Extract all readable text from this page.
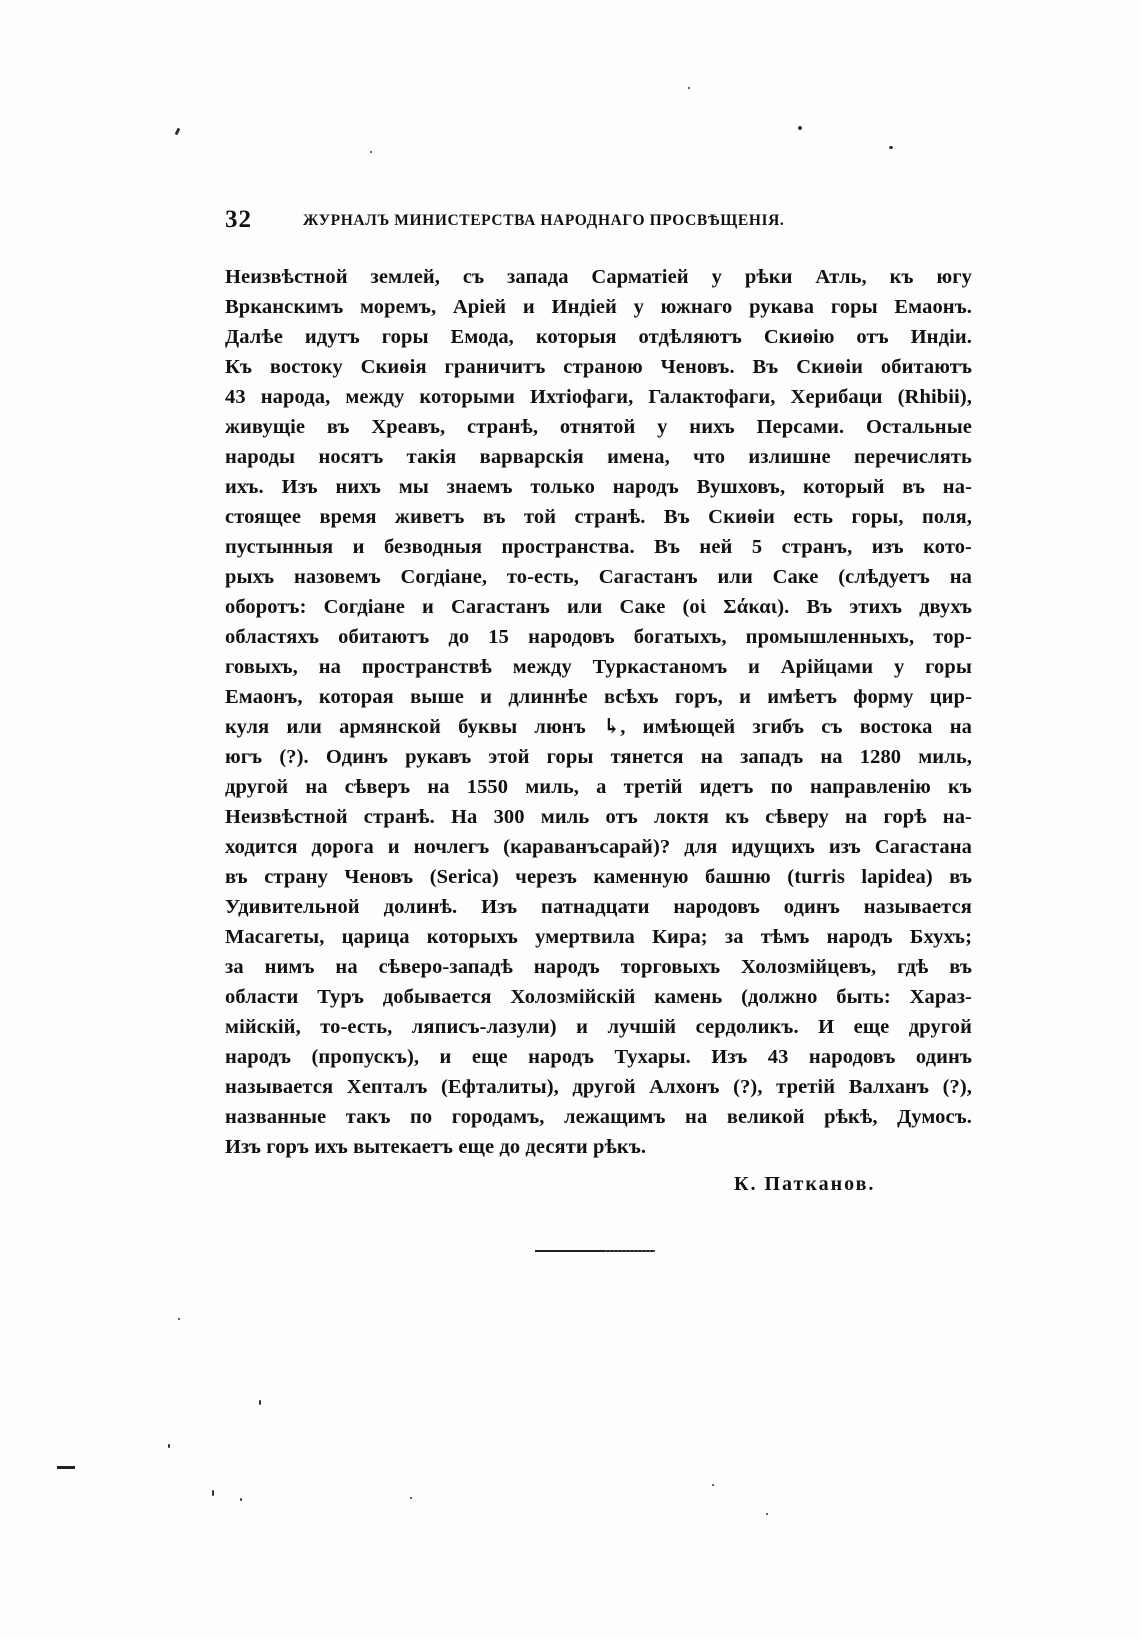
32	ЖУРНАЛЪ МИНИСТЕРСТВА НАРОДНАГО ПРОСВѢЩЕНІЯ.
Неизвѣстной землей, съ запада Сарматіей у рѣки Атль, къ югу
Врканскимъ моремъ, Аріей и Индіей у южнаго рукава горы Емаонъ.
Далѣе идутъ горы Емода, которыя отдѣляютъ Скиѳію отъ Индіи.
Къ востоку Скиѳія граничитъ страною Ченовъ. Въ Скиѳіи обитаютъ
43 народа, между которыми Ихтіофаги, Галактофаги, Херибаци (Rhibii),
живущіе въ Хреавъ, странѣ, отнятой у нихъ Персами. Остальные
народы носятъ такія варварскія имена, что излишне перечислять
ихъ. Изъ нихъ мы знаемъ только народъ Вушховъ, который въ на-
стоящее время живетъ въ той странѣ. Въ Скиѳіи есть горы, поля,
пустынныя и безводныя пространства. Въ ней 5 странъ, изъ кото-
рыхъ назовемъ Согдіане, то-есть, Сагастанъ или Саке (слѣдуетъ на
оборотъ: Согдіане и Сагастанъ или Саке (οἱ Σάκαι). Въ этихъ двухъ
областяхъ обитаютъ до 15 народовъ богатыхъ, промышленныхъ, тор-
говыхъ, на пространствѣ между Туркастаномъ и Арійцами у горы
Емаонъ, которая выше и длиннѣе всѣхъ горъ, и имѣетъ форму цир-
куля или армянской буквы люнъ ↳, имѣющей згибъ съ востока на
югъ (?). Одинъ рукавъ этой горы тянется на западъ на 1280 миль,
другой на сѣверъ на 1550 миль, а третій идетъ по направленію къ
Неизвѣстной странѣ. На 300 миль отъ локтя къ сѣверу на горѣ на-
ходится дорога и ночлегъ (караванъсарай)? для идущихъ изъ Сагастана
въ страну Ченовъ (Serica) черезъ каменную башню (turris lapidea) въ
Удивительной долинѣ. Изъ патнадцати народовъ одинъ называется
Масагеты, царица которыхъ умертвила Кира; за тѣмъ народъ Бхухъ;
за нимъ на сѣверо-западѣ народъ торговыхъ Холозмійцевъ, гдѣ въ
области Туръ добывается Холозмійскій камень (должно быть: Хараз-
мійскій, то-есть, ляписъ-лазули) и лучшій сердоликъ. И еще другой
народъ (пропускъ), и еще народъ Тухары. Изъ 43 народовъ одинъ
называется Хепталъ (Ефталиты), другой Алхонъ (?), третій Валханъ (?),
названные такъ по городамъ, лежащимъ на великой рѣкѣ, Думосъ.
Изъ горъ ихъ вытекаетъ еще до десяти рѣкъ.
К. Патканов.
